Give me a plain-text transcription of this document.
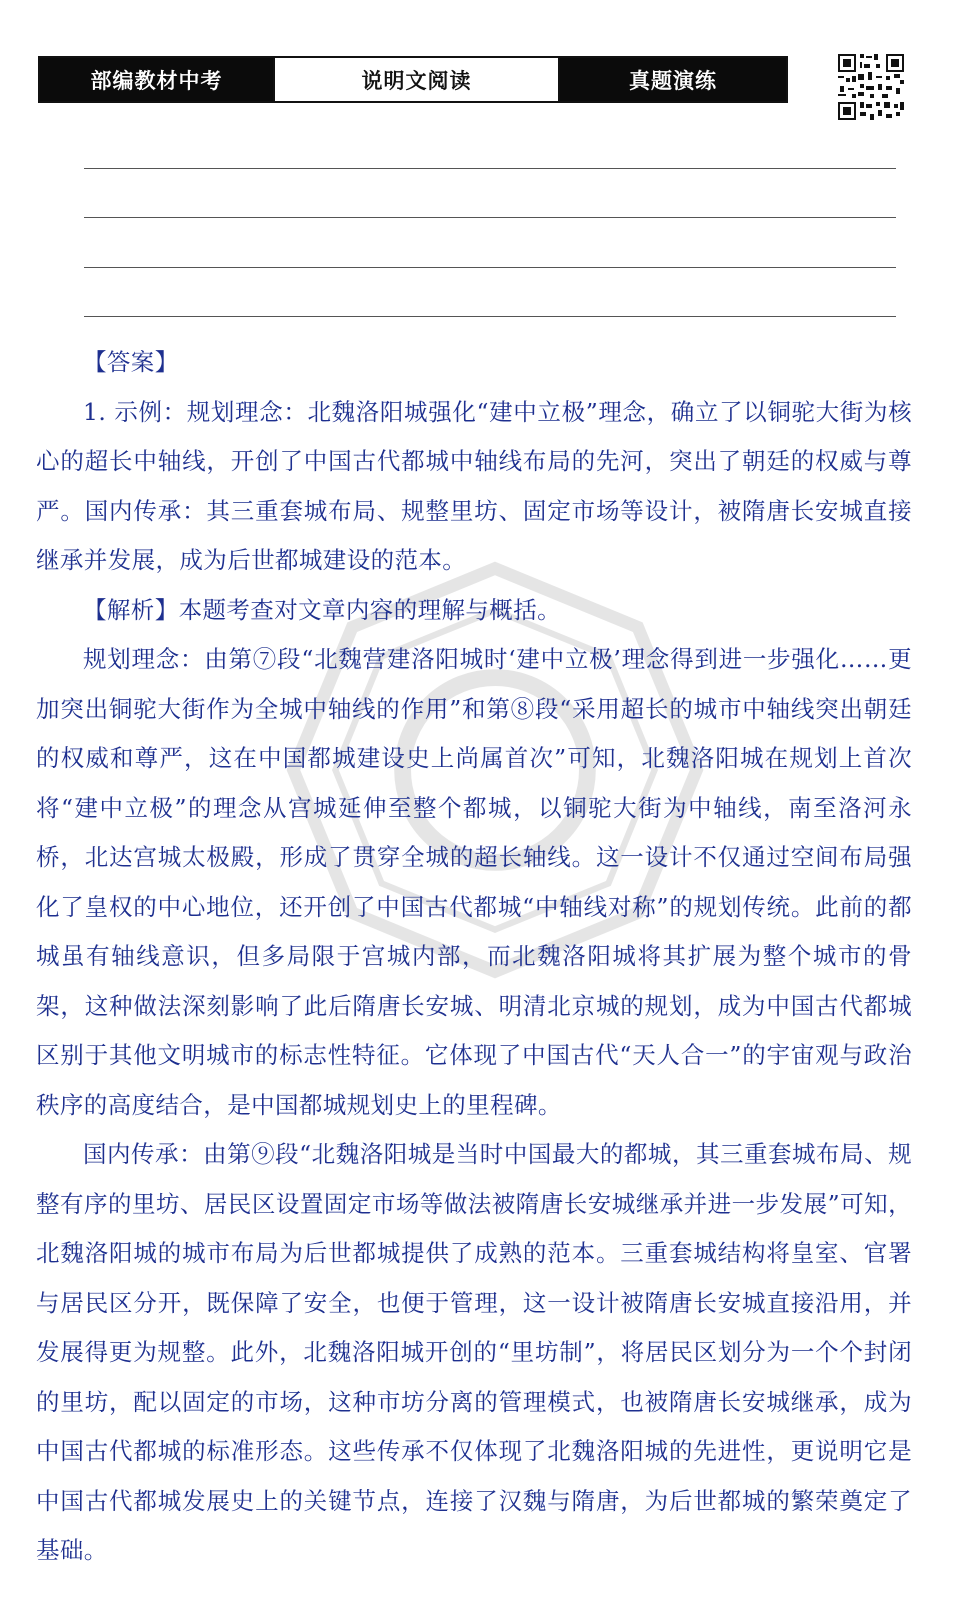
部编教材中考	说明文阅读	真题演练

【答案】

1. 示例：规划理念：北魏洛阳城强化“建中立极”理念，确立了以铜驼大街为核心的超长中轴线，开创了中国古代都城中轴线布局的先河，突出了朝廷的权威与尊严。国内传承：其三重套城布局、规整里坊、固定市场等设计，被隋唐长安城直接继承并发展，成为后世都城建设的范本。

【解析】本题考查对文章内容的理解与概括。

规划理念：由第⑦段“北魏营建洛阳城时‘建中立极’理念得到进一步强化……更加突出铜驼大街作为全城中轴线的作用”和第⑧段“采用超长的城市中轴线突出朝廷的权威和尊严，这在中国都城建设史上尚属首次”可知，北魏洛阳城在规划上首次将“建中立极”的理念从宫城延伸至整个都城，以铜驼大街为中轴线，南至洛河永桥，北达宫城太极殿，形成了贯穿全城的超长轴线。这一设计不仅通过空间布局强化了皇权的中心地位，还开创了中国古代都城“中轴线对称”的规划传统。此前的都城虽有轴线意识，但多局限于宫城内部，而北魏洛阳城将其扩展为整个城市的骨架，这种做法深刻影响了此后隋唐长安城、明清北京城的规划，成为中国古代都城区别于其他文明城市的标志性特征。它体现了中国古代“天人合一”的宇宙观与政治秩序的高度结合，是中国都城规划史上的里程碑。

国内传承：由第⑨段“北魏洛阳城是当时中国最大的都城，其三重套城布局、规整有序的里坊、居民区设置固定市场等做法被隋唐长安城继承并进一步发展”可知，北魏洛阳城的城市布局为后世都城提供了成熟的范本。三重套城结构将皇室、官署与居民区分开，既保障了安全，也便于管理，这一设计被隋唐长安城直接沿用，并发展得更为规整。此外，北魏洛阳城开创的“里坊制”，将居民区划分为一个个封闭的里坊，配以固定的市场，这种市坊分离的管理模式，也被隋唐长安城继承，成为中国古代都城的标准形态。这些传承不仅体现了北魏洛阳城的先进性，更说明它是中国古代都城发展史上的关键节点，连接了汉魏与隋唐，为后世都城的繁荣奠定了基础。
